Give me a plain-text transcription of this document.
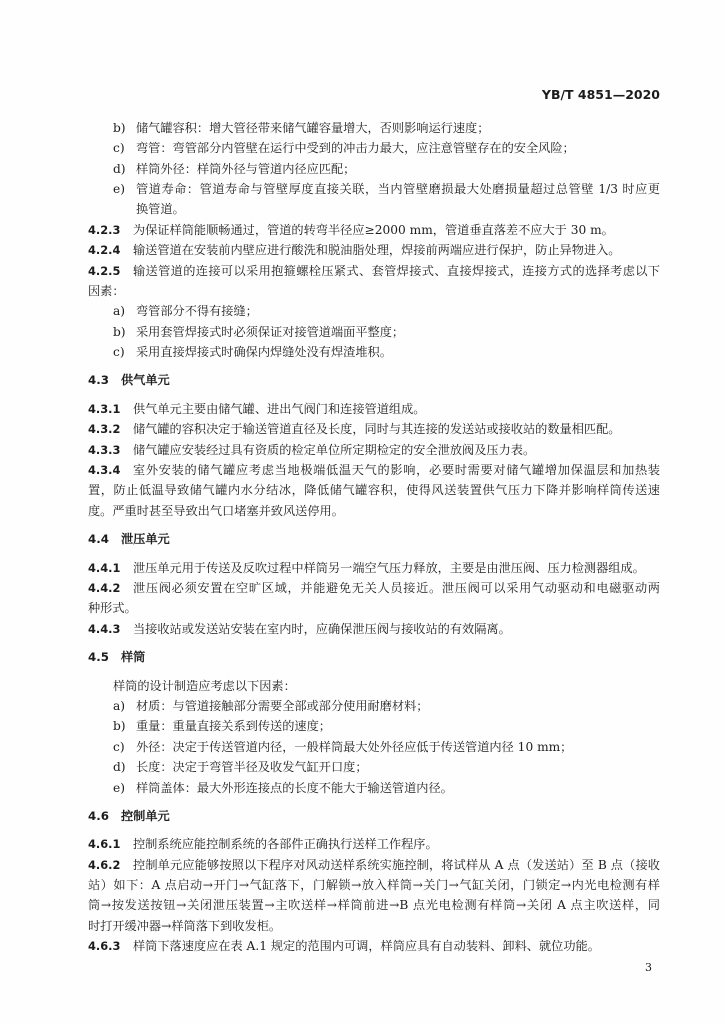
YB/T 4851—2020
b) 储气罐容积：增大管径带来储气罐容量增大，否则影响运行速度；
c) 弯管：弯管部分内管壁在运行中受到的冲击力最大，应注意管壁存在的安全风险；
d) 样筒外径：样筒外径与管道内径应匹配；
e) 管道寿命：管道寿命与管壁厚度直接关联，当内管壁磨损最大处磨损量超过总管壁 1/3 时应更
换管道。
4.2.3 为保证样筒能顺畅通过，管道的转弯半径应≥2000 mm，管道垂直落差不应大于 30 m。
4.2.4 输送管道在安装前内壁应进行酸洗和脱油脂处理，焊接前两端应进行保护，防止异物进入。
4.2.5 输送管道的连接可以采用抱箍螺栓压紧式、套管焊接式、直接焊接式，连接方式的选择考虑以下
因素：
a) 弯管部分不得有接缝；
b) 采用套管焊接式时必须保证对接管道端面平整度；
c) 采用直接焊接式时确保内焊缝处没有焊渣堆积。
4.3 供气单元
4.3.1 供气单元主要由储气罐、进出气阀门和连接管道组成。
4.3.2 储气罐的容积决定于输送管道直径及长度，同时与其连接的发送站或接收站的数量相匹配。
4.3.3 储气罐应安装经过具有资质的检定单位所定期检定的安全泄放阀及压力表。
4.3.4 室外安装的储气罐应考虑当地极端低温天气的影响，必要时需要对储气罐增加保温层和加热装
置，防止低温导致储气罐内水分结冰，降低储气罐容积，使得风送装置供气压力下降并影响样筒传送速
度。严重时甚至导致出气口堵塞并致风送停用。
4.4 泄压单元
4.4.1 泄压单元用于传送及反吹过程中样筒另一端空气压力释放，主要是由泄压阀、压力检测器组成。
4.4.2 泄压阀必须安置在空旷区域，并能避免无关人员接近。泄压阀可以采用气动驱动和电磁驱动两
种形式。
4.4.3 当接收站或发送站安装在室内时，应确保泄压阀与接收站的有效隔离。
4.5 样筒
样筒的设计制造应考虑以下因素：
a) 材质：与管道接触部分需要全部或部分使用耐磨材料；
b) 重量：重量直接关系到传送的速度；
c) 外径：决定于传送管道内径，一般样筒最大处外径应低于传送管道内径 10 mm；
d) 长度：决定于弯管半径及收发气缸开口度；
e) 样筒盖体：最大外形连接点的长度不能大于输送管道内径。
4.6 控制单元
4.6.1 控制系统应能控制系统的各部件正确执行送样工作程序。
4.6.2 控制单元应能够按照以下程序对风动送样系统实施控制，将试样从 A 点（发送站）至 B 点（接收
站）如下：A 点启动→开门→气缸落下，门解锁→放入样筒→关门→气缸关闭，门锁定→内光电检测有样
筒→按发送按钮→关闭泄压装置→主吹送样→样筒前进→B 点光电检测有样筒→关闭 A 点主吹送样，同
时打开缓冲器→样筒落下到收发柜。
4.6.3 样筒下落速度应在表 A.1 规定的范围内可调，样筒应具有自动装料、卸料、就位功能。
3
